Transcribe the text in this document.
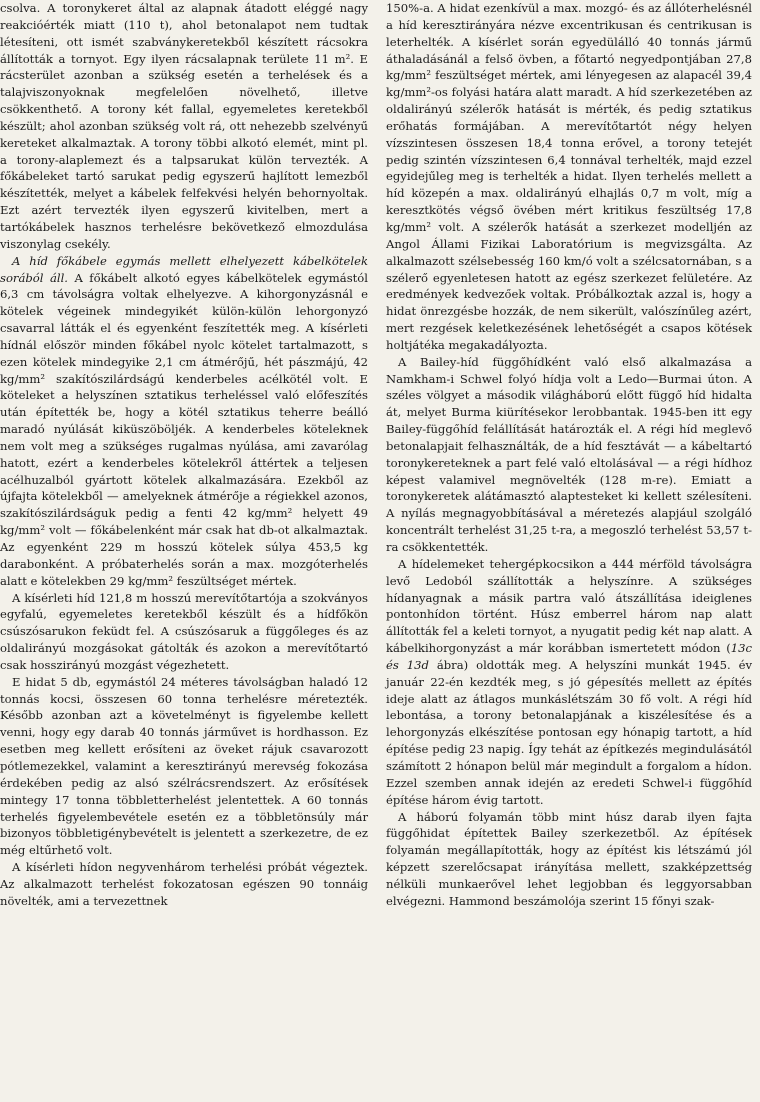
csolva. A toronykeret által az alapnak átadott eléggé nagy reakcióérték miatt (110 t), ahol betonalapot nem tudtak létesíteni, ott ismét szabványkeretekből készített rácsokra állították a tornyot. Egy ilyen rácsalapnak területe 11 m². E rácsterület azonban a szükség esetén a terhelések és a talajviszonyoknak megfelelően növelhető, illetve csökkenthető. A torony két fallal, egyemeletes keretekből készült; ahol azonban szükség volt rá, ott nehezebb szelvényű kereteket alkalmaztak. A torony többi alkotó elemét, mint pl. a torony-alaplemezt és a talpsarukat külön tervezték. A főkábeleket tartó sarukat pedig egyszerű hajlított lemezből készítették, melyet a kábelek felfekvési helyén behornyoltak. Ezt azért tervezték ilyen egyszerű kivitelben, mert a tartókábelek hasznos terhelésre bekövetkező elmozdulása viszonylag csekély.

A híd főkábele egymás mellett elhelyezett kábelkötelek sorából áll. A főkábelt alkotó egyes kábelkötelek egymástól 6,3 cm távolságra voltak elhelyezve. A kihorgonyzásnál e kötelek végeinek mindegyikét külön-külön lehorgonyzó csavarral látták el és egyenként feszítették meg. A kísérleti hídnál először minden főkábel nyolc kötelet tartalmazott, s ezen kötelek mindegyike 2,1 cm átmérőjű, hét pászmájú, 42 kg/mm² szakítószilárdságú kenderbeles acélkötél volt. E köteleket a helyszínen sztatikus terheléssel való előfeszítés után építették be, hogy a kötél sztatikus teherre beálló maradó nyúlását kiküszöböljék. A kenderbeles köteleknek nem volt meg a szükséges rugalmas nyúlása, ami zavarólag hatott, ezért a kenderbeles kötelekről áttértek a teljesen acélhuzalból gyártott kötelek alkalmazására. Ezekből az újfajta kötelekből — amelyeknek átmérője a régiekkel azonos, szakítószilárdságuk pedig a fenti 42 kg/mm² helyett 49 kg/mm² volt — főkábelenként már csak hat db-ot alkalmaztak. Az egyenként 229 m hosszú kötelek súlya 453,5 kg darabonként. A próbaterhelés során a max. mozgóterhelés alatt e kötelekben 29 kg/mm² feszültséget mértek.

A kísérleti híd 121,8 m hosszú merevítőtartója a szokványos egyfalú, egyemeletes keretekből készült és a hídfőkön csúszósarukon feküdt fel. A csúszósaruk a függőleges és az oldalirányú mozgásokat gátolták és azokon a merevítőtartó csak hosszirányú mozgást végezhetett.

E hidat 5 db, egymástól 24 méteres távolságban haladó 12 tonnás kocsi, összesen 60 tonna terhelésre méretezték. Később azonban azt a követelményt is figyelembe kellett venni, hogy egy darab 40 tonnás járművet is hordhasson. Ez esetben meg kellett erősíteni az öveket rájuk csavarozott pótlemezekkel, valamint a keresztirányú merevség fokozása érdekében pedig az alsó szélrácsrendszert. Az erősítések mintegy 17 tonna többletterhelést jelentettek. A 60 tonnás terhelés figyelembevétele esetén ez a többletönsúly már bizonyos többletigénybevételt is jelentett a szerkezetre, de ez még eltűrhető volt.

A kísérleti hídon negyvenhárom terhelési próbát végeztek. Az alkalmazott terhelést fokozatosan egészen 90 tonnáig növelték, ami a tervezettnek

150%-a. A hidat ezenkívül a max. mozgó- és az állóterhelésnél a híd keresztirányára nézve excentrikusan és centrikusan is leterhelték. A kísérlet során egyedülálló 40 tonnás jármű áthaladásánál a felső övben, a főtartó negyedpontjában 27,8 kg/mm² feszültséget mértek, ami lényegesen az alapacél 39,4 kg/mm²-os folyási határa alatt maradt. A híd szerkezetében az oldalirányú szélerők hatását is mérték, és pedig sztatikus erőhatás formájában. A merevítőtartót négy helyen vízszintesen összesen 18,4 tonna erővel, a torony tetejét pedig szintén vízszintesen 6,4 tonnával terhelték, majd ezzel egyidejűleg meg is terhelték a hidat. Ilyen terhelés mellett a híd közepén a max. oldalirányú elhajlás 0,7 m volt, míg a keresztkötés végső övében mért kritikus feszültség 17,8 kg/mm² volt. A szélerők hatását a szerkezet modelljén az Angol Állami Fizikai Laboratórium is megvizsgálta. Az alkalmazott szélsebesség 160 km/ó volt a szélcsatornában, s a szélerő egyenletesen hatott az egész szerkezet felületére. Az eredmények kedvezőek voltak. Próbálkoztak azzal is, hogy a hidat önrezgésbe hozzák, de nem sikerült, valószínűleg azért, mert rezgések keletkezésének lehetőségét a csapos kötések holtjátéka megakadályozta.

A Bailey-híd függőhídként való első alkalmazása a Namkham-i Schwel folyó hídja volt a Ledo—Burmai úton. A széles völgyet a második világháború előtt függő híd hidalta át, melyet Burma kiürítésekor lerobbantak. 1945-ben itt egy Bailey-függőhíd felállítását határozták el. A régi híd meglevő betonalapjait felhasználták, de a híd fesztávát — a kábeltartó toronykereteknek a part felé való eltolásával — a régi hídhoz képest valamivel megnövelték (128 m-re). Emiatt a toronykeretek alátámasztó alaptesteket ki kellett szélesíteni. A nyílás megnagyobbításával a méretezés alapjául szolgáló koncentrált terhelést 31,25 t-ra, a megoszló terhelést 53,57 t-ra csökkentették.

A hídelemeket tehergépkocsikon a 444 mérföld távolságra levő Ledoból szállították a helyszínre. A szükséges hídanyagnak a másik partra való átszállítása ideiglenes pontonhídon történt. Húsz emberrel három nap alatt állították fel a keleti tornyot, a nyugatit pedig két nap alatt. A kábelkihorgonyzást a már korábban ismertetett módon (13c és 13d ábra) oldották meg. A helyszíni munkát 1945. év január 22-én kezdték meg, s jó gépesítés mellett az építés ideje alatt az átlagos munkáslétszám 30 fő volt. A régi híd lebontása, a torony betonalapjának a kiszélesítése és a lehorgonyzás elkészítése pontosan egy hónapig tartott, a híd építése pedig 23 napig. Így tehát az építkezés megindulásától számított 2 hónapon belül már megindult a forgalom a hídon. Ezzel szemben annak idején az eredeti Schwel-i függőhíd építése három évig tartott.

A háború folyamán több mint húsz darab ilyen fajta függőhidat építettek Bailey szerkezetből. Az építések folyamán megállapították, hogy az építést kis létszámú jól képzett szerelőcsapat irányítása mellett, szakképzettség nélküli munkaerővel lehet legjobban és leggyorsabban elvégezni. Hammond beszámolója szerint 15 főnyi szak-
